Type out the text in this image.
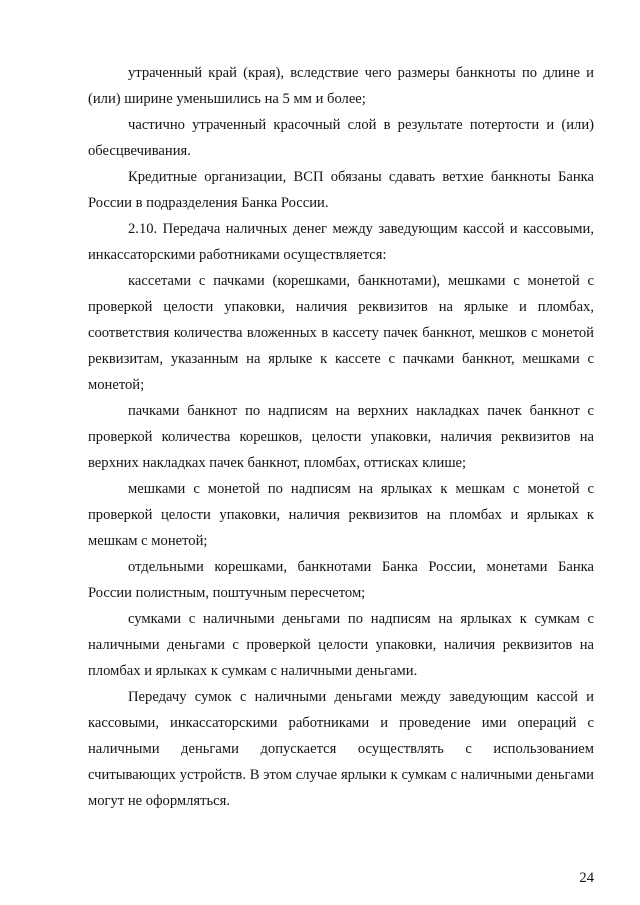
утраченный край (края), вследствие чего размеры банкноты по длине и (или) ширине уменьшились на 5 мм и более;

частично утраченный красочный слой в результате потертости и (или) обесцвечивания.

Кредитные организации, ВСП обязаны сдавать ветхие банкноты Банка России в подразделения Банка России.

2.10. Передача наличных денег между заведующим кассой и кассовыми, инкассаторскими работниками осуществляется:

кассетами с пачками (корешками, банкнотами), мешками с монетой с проверкой целости упаковки, наличия реквизитов на ярлыке и пломбах, соответствия количества вложенных в кассету пачек банкнот, мешков с монетой реквизитам, указанным на ярлыке к кассете с пачками банкнот, мешками с монетой;

пачками банкнот по надписям на верхних накладках пачек банкнот с проверкой количества корешков, целости упаковки, наличия реквизитов на верхних накладках пачек банкнот, пломбах, оттисках клише;

мешками с монетой по надписям на ярлыках к мешкам с монетой с проверкой целости упаковки, наличия реквизитов на пломбах и ярлыках к мешкам с монетой;

отдельными корешками, банкнотами Банка России, монетами Банка России полистным, поштучным пересчетом;

сумками с наличными деньгами по надписям на ярлыках к сумкам с наличными деньгами с проверкой целости упаковки, наличия реквизитов на пломбах и ярлыках к сумкам с наличными деньгами.

Передачу сумок с наличными деньгами между заведующим кассой и кассовыми, инкассаторскими работниками и проведение ими операций с наличными деньгами допускается осуществлять с использованием считывающих устройств. В этом случае ярлыки к сумкам с наличными деньгами могут не оформляться.

24
